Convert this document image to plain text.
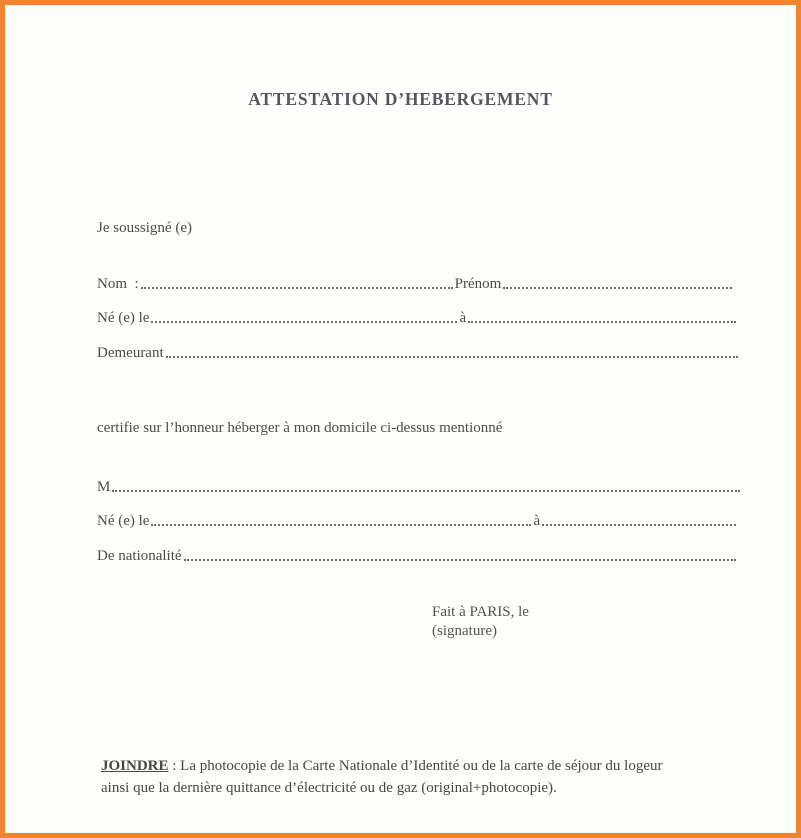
ATTESTATION D’HEBERGEMENT
Je soussigné (e)
Nom  :	Prénom
Né (e) le	à
Demeurant
certifie sur l’honneur héberger à mon domicile ci-dessus mentionné
M
Né (e) le	à
De nationalité
Fait à PARIS, le
(signature)

JOINDRE : La photocopie de la Carte Nationale d’Identité ou de la carte de séjour du logeur
ainsi que la dernière quittance d’électricité ou de gaz (original+photocopie).
